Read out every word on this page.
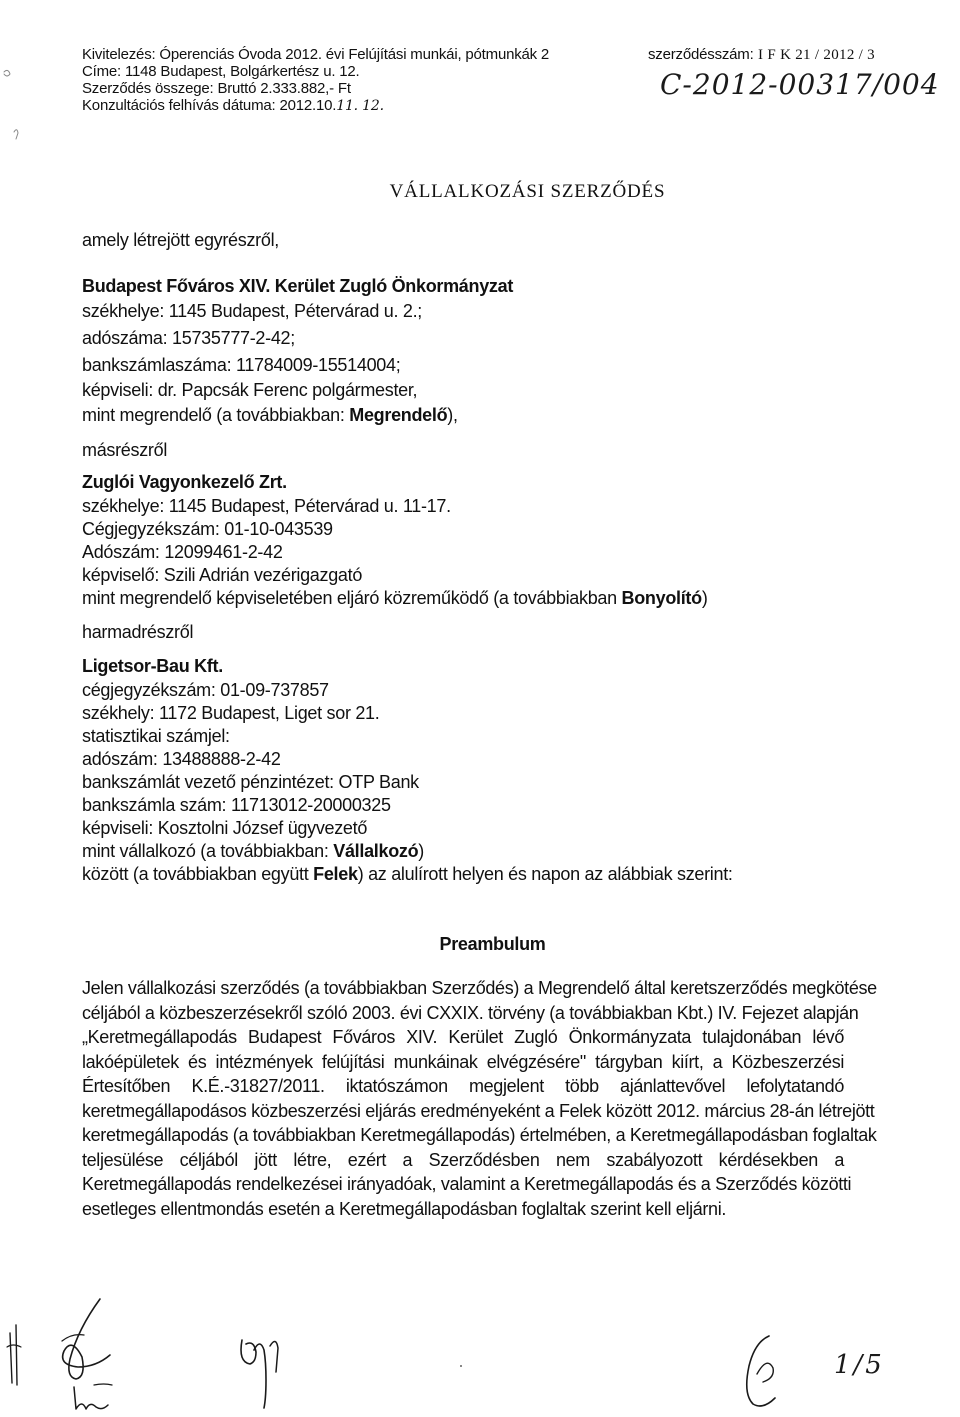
Kivitelezés: Óperenciás Óvoda 2012. évi Felújítási munkái, pótmunkák 2
Címe: 1148 Budapest, Bolgárkertész u. 12.
Szerződés összege: Bruttó 2.333.882,- Ft
Konzultációs felhívás dátuma: 2012.10.11. 12.
szerződésszám: I F K 21 / 2012 / 3
C-2012-00317/004
VÁLLALKOZÁSI SZERZŐDÉS
amely létrejött egyrészről,
Budapest Főváros XIV. Kerület Zugló Önkormányzat
székhelye: 1145 Budapest, Pétervárad u. 2.;
adószáma: 15735777-2-42;
bankszámlaszáma: 11784009-15514004;
képviseli: dr. Papcsák Ferenc polgármester,
mint megrendelő (a továbbiakban: Megrendelő),
másrészről
Zuglói Vagyonkezelő Zrt.
székhelye: 1145 Budapest, Pétervárad u. 11-17.
Cégjegyzékszám: 01-10-043539
Adószám: 12099461-2-42
képviselő: Szili Adrián vezérigazgató
mint megrendelő képviseletében eljáró közreműködő (a továbbiakban Bonyolító)
harmadrészről
Ligetsor-Bau Kft.
cégjegyzékszám: 01-09-737857
székhely: 1172 Budapest, Liget sor 21.
statisztikai számjel:
adószám: 13488888-2-42
bankszámlát vezető pénzintézet: OTP Bank
bankszámla szám: 11713012-20000325
képviseli: Kosztolni József ügyvezető
mint vállalkozó (a továbbiakban: Vállalkozó)
között (a továbbiakban együtt Felek) az alulírott helyen és napon az alábbiak szerint:
Preambulum
Jelen vállalkozási szerződés (a továbbiakban Szerződés) a Megrendelő által keretszerződés megkötése
céljából a közbeszerzésekről szóló 2003. évi CXXIX. törvény (a továbbiakban Kbt.) IV. Fejezet alapján
„Keretmegállapodás Budapest Főváros XIV. Kerület Zugló Önkormányzata tulajdonában lévő
lakóépületek és intézmények felújítási munkáinak elvégzésére" tárgyban kiírt, a Közbeszerzési
Értesítőben K.É.-31827/2011. iktatószámon megjelent több ajánlattevővel lefolytatandó
keretmegállapodásos közbeszerzési eljárás eredményeként a Felek között 2012. március 28-án létrejött
keretmegállapodás (a továbbiakban Keretmegállapodás) értelmében, a Keretmegállapodásban foglaltak
teljesülése céljából jött létre, ezért a Szerződésben nem szabályozott kérdésekben a
Keretmegállapodás rendelkezései irányadóak, valamint a Keretmegállapodás és a Szerződés közötti
esetleges ellentmondás esetén a Keretmegállapodásban foglaltak szerint kell eljárni.
1/5
